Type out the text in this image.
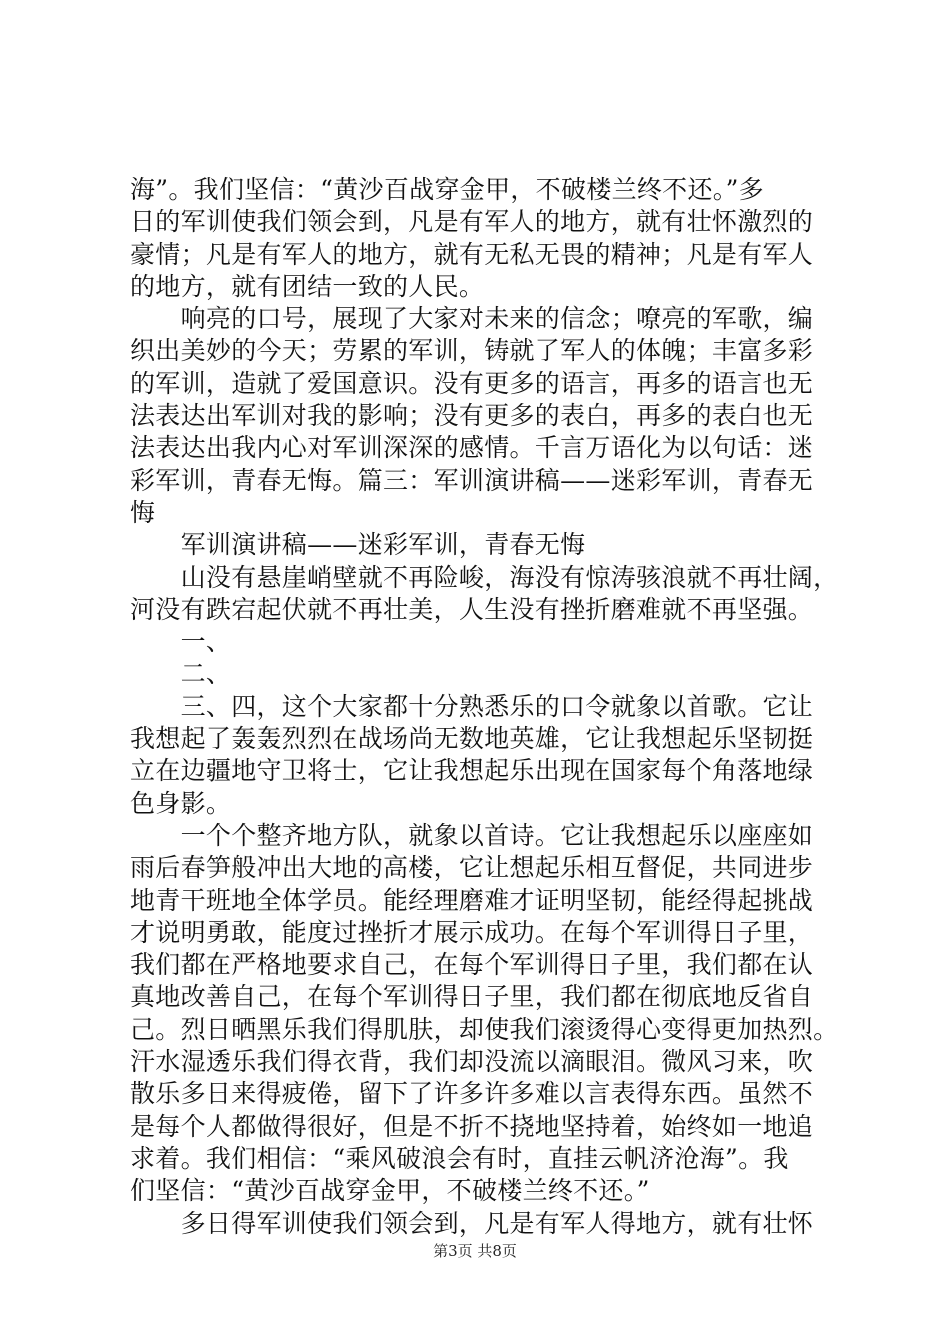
海”。我们坚信：“黄沙百战穿金甲，不破楼兰终不还。”多
日的军训使我们领会到，凡是有军人的地方，就有壮怀激烈的
豪情；凡是有军人的地方，就有无私无畏的精神；凡是有军人
的地方，就有团结一致的人民。
　　响亮的口号，展现了大家对未来的信念；嘹亮的军歌，编
织出美妙的今天；劳累的军训，铸就了军人的体魄；丰富多彩
的军训，造就了爱国意识。没有更多的语言，再多的语言也无
法表达出军训对我的影响；没有更多的表白，再多的表白也无
法表达出我内心对军训深深的感情。千言万语化为以句话：迷
彩军训，青春无悔。篇三：军训演讲稿——迷彩军训，青春无
悔
　　军训演讲稿——迷彩军训，青春无悔
　　山没有悬崖峭壁就不再险峻，海没有惊涛骇浪就不再壮阔，
河没有跌宕起伏就不再壮美，人生没有挫折磨难就不再坚强。
　　一、
　　二、
　　三、四，这个大家都十分熟悉乐的口令就象以首歌。它让
我想起了轰轰烈烈在战场尚无数地英雄，它让我想起乐坚韧挺
立在边疆地守卫将士，它让我想起乐出现在国家每个角落地绿
色身影。
　　一个个整齐地方队，就象以首诗。它让我想起乐以座座如
雨后春笋般冲出大地的高楼，它让想起乐相互督促，共同进步
地青干班地全体学员。能经理磨难才证明坚韧，能经得起挑战
才说明勇敢，能度过挫折才展示成功。在每个军训得日子里，
我们都在严格地要求自己，在每个军训得日子里，我们都在认
真地改善自己，在每个军训得日子里，我们都在彻底地反省自
己。烈日晒黑乐我们得肌肤，却使我们滚烫得心变得更加热烈。
汗水湿透乐我们得衣背，我们却没流以滴眼泪。微风习来，吹
散乐多日来得疲倦，留下了许多许多难以言表得东西。虽然不
是每个人都做得很好，但是不折不挠地坚持着，始终如一地追
求着。我们相信：“乘风破浪会有时，直挂云帆济沧海”。我
们坚信：“黄沙百战穿金甲，不破楼兰终不还。”
　　多日得军训使我们领会到，凡是有军人得地方，就有壮怀
第3页 共8页
